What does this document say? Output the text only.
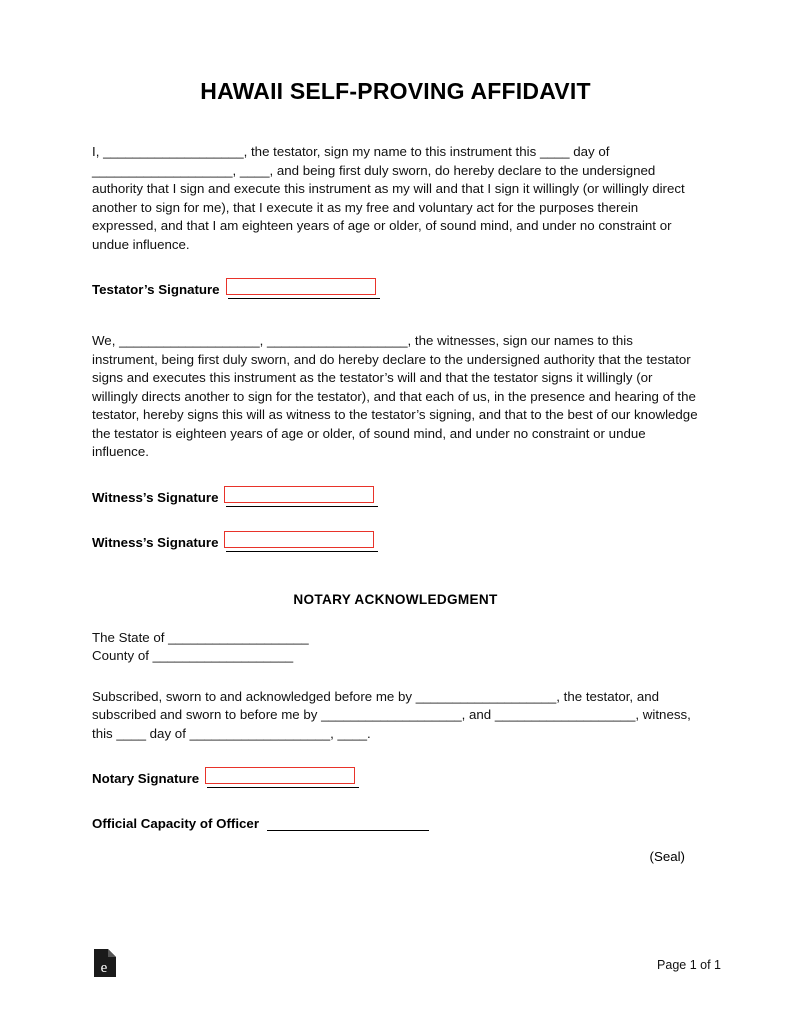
HAWAII SELF-PROVING AFFIDAVIT

I, ___________________, the testator, sign my name to this instrument this ____ day of ___________________, ____, and being first duly sworn, do hereby declare to the undersigned authority that I sign and execute this instrument as my will and that I sign it willingly (or willingly direct another to sign for me), that I execute it as my free and voluntary act for the purposes therein expressed, and that I am eighteen years of age or older, of sound mind, and under no constraint or undue influence.

Testator’s Signature

We, ___________________, ___________________, the witnesses, sign our names to this instrument, being first duly sworn, and do hereby declare to the undersigned authority that the testator signs and executes this instrument as the testator’s will and that the testator signs it willingly (or willingly directs another to sign for the testator), and that each of us, in the presence and hearing of the testator, hereby signs this will as witness to the testator’s signing, and that to the best of our knowledge the testator is eighteen years of age or older, of sound mind, and under no constraint or undue influence.

Witness’s Signature
Witness’s Signature
NOTARY ACKNOWLEDGMENT
The State of ___________________
County of ___________________

Subscribed, sworn to and acknowledged before me by ___________________, the testator, and subscribed and sworn to before me by ___________________, and ___________________, witness, this ____ day of ___________________, ____.

Notary Signature
Official Capacity of Officer
(Seal)
e	Page 1 of 1
